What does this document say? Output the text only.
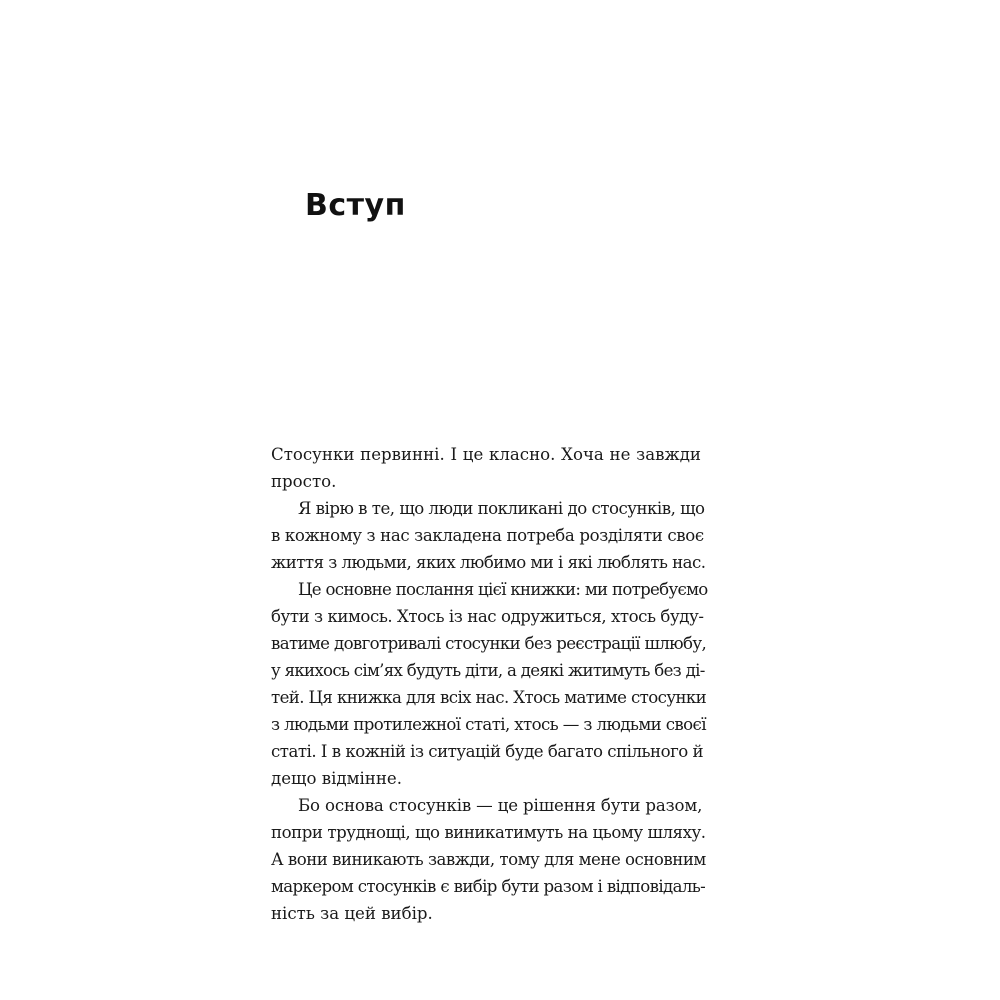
Вступ
Стосунки первинні. І це класно. Хоча не завжди
просто.
Я вірю в те, що люди покликані до стосунків, що
в кожному з нас закладена потреба розділяти своє
життя з людьми, яких любимо ми і які люблять нас.
Це основне послання цієї книжки: ми потребуємо
бути з кимось. Хтось із нас одружиться, хтось буду-
ватиме довготривалі стосунки без реєстрації шлюбу,
у якихось сім’ях будуть діти, а деякі житимуть без ді-
тей. Ця книжка для всіх нас. Хтось матиме стосунки
з людьми протилежної статі, хтось — з людьми своєї
статі. І в кожній із ситуацій буде багато спільного й
дещо відмінне.
Бо основа стосунків — це рішення бути разом,
попри труднощі, що виникатимуть на цьому шляху.
А вони виникають завжди, тому для мене основним
маркером стосунків є вибір бути разом і відповідаль-
ність за цей вибір.
